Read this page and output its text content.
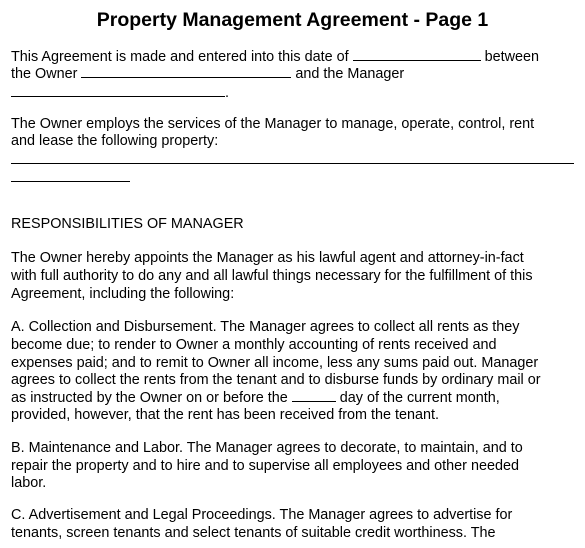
Property Management Agreement - Page 1
This Agreement is made and entered into this date of	between
the Owner	and the Manager
.
The Owner employs the services of the Manager to manage, operate, control, rent
and lease the following property:
RESPONSIBILITIES OF MANAGER
The Owner hereby appoints the Manager as his lawful agent and attorney-in-fact
with full authority to do any and all lawful things necessary for the fulfillment of this
Agreement, including the following:
A. Collection and Disbursement. The Manager agrees to collect all rents as they
become due; to render to Owner a monthly accounting of rents received and
expenses paid; and to remit to Owner all income, less any sums paid out. Manager
agrees to collect the rents from the tenant and to disburse funds by ordinary mail or
as instructed by the Owner on or before the	day of the current month,
provided, however, that the rent has been received from the tenant.
B. Maintenance and Labor. The Manager agrees to decorate, to maintain, and to
repair the property and to hire and to supervise all employees and other needed
labor.
C. Advertisement and Legal Proceedings. The Manager agrees to advertise for
tenants, screen tenants and select tenants of suitable credit worthiness. The
